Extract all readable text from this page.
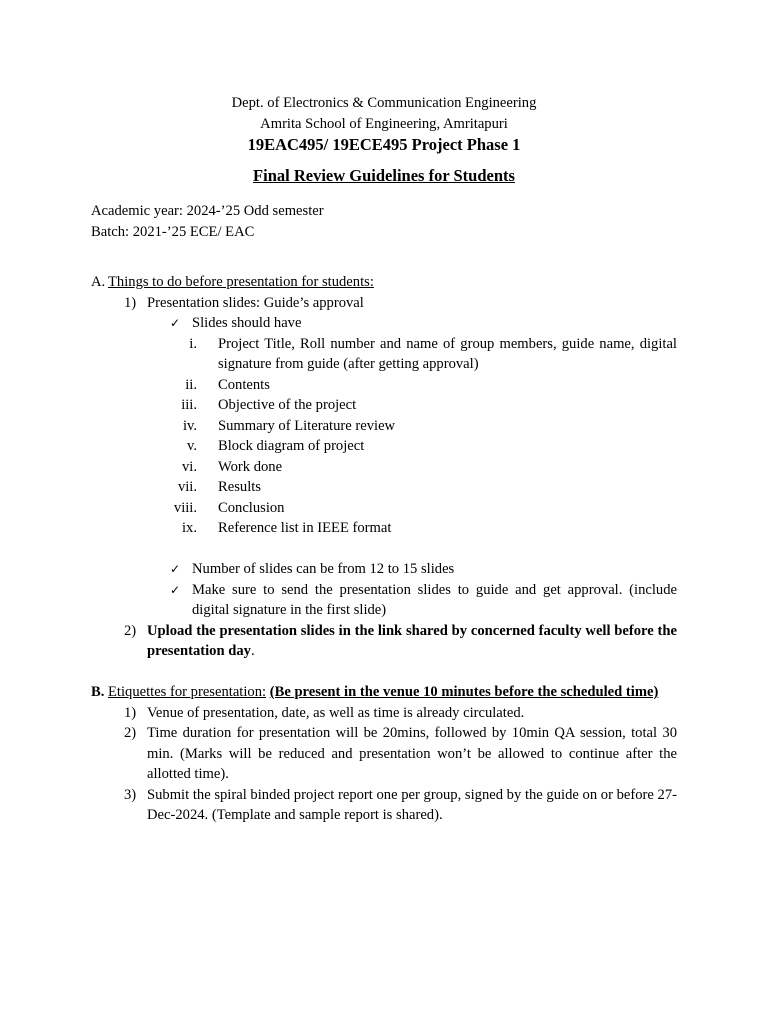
Dept. of Electronics & Communication Engineering
Amrita School of Engineering, Amritapuri
19EAC495/ 19ECE495 Project Phase 1
Final Review Guidelines for Students
Academic year: 2024-’25 Odd semester
Batch: 2021-’25 ECE/ EAC
A. Things to do before presentation for students:
1) Presentation slides: Guide’s approval
✓ Slides should have
i. Project Title, Roll number and name of group members, guide name, digital signature from guide (after getting approval)
ii. Contents
iii. Objective of the project
iv. Summary of Literature review
v. Block diagram of project
vi. Work done
vii. Results
viii. Conclusion
ix. Reference list in IEEE format
✓ Number of slides can be from 12 to 15 slides
✓ Make sure to send the presentation slides to guide and get approval. (include digital signature in the first slide)
2) Upload the presentation slides in the link shared by concerned faculty well before the presentation day.
B. Etiquettes for presentation: (Be present in the venue 10 minutes before the scheduled time)
1) Venue of presentation, date, as well as time is already circulated.
2) Time duration for presentation will be 20mins, followed by 10min QA session, total 30 min. (Marks will be reduced and presentation won’t be allowed to continue after the allotted time).
3) Submit the spiral binded project report one per group, signed by the guide on or before 27-Dec-2024. (Template and sample report is shared).
